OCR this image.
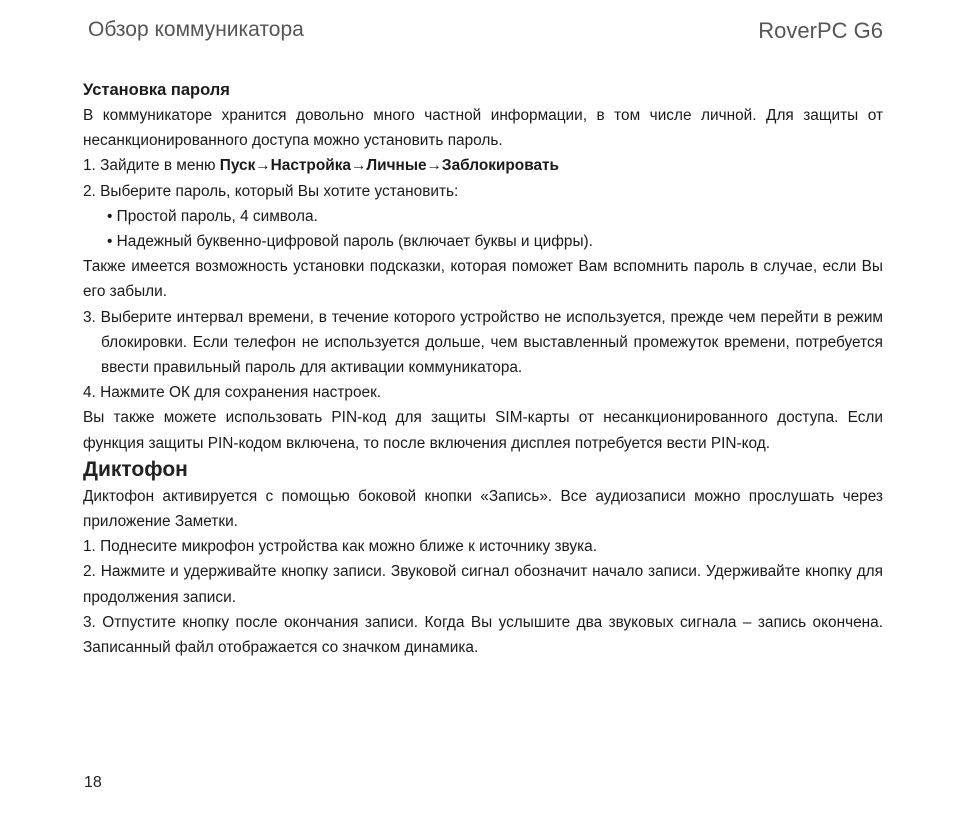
Обзор коммуникатора	RoverPC G6

Установка пароля

В коммуникаторе хранится довольно много частной информации, в том числе личной. Для защиты от несанкционированного доступа можно установить пароль.

1. Зайдите в меню Пуск→Настройка→Личные→Заблокировать

2. Выберите пароль, который Вы хотите установить:

• Простой пароль, 4 символа.

• Надежный буквенно-цифровой пароль (включает буквы и цифры).

Также имеется возможность установки подсказки, которая поможет Вам вспомнить пароль в случае, если Вы его забыли.

3. Выберите интервал времени, в течение которого устройство не используется, прежде чем перейти в режим блокировки. Если телефон не используется дольше, чем выставленный промежуток времени, потребуется ввести правильный пароль для активации коммуникатора.

4. Нажмите ОК для сохранения настроек.

Вы также можете использовать PIN-код для защиты SIM-карты от несанкционированного доступа. Если функция защиты PIN-кодом включена, то после включения дисплея потребуется вести PIN-код.

Диктофон

Диктофон активируется с помощью боковой кнопки «Запись». Все аудиозаписи можно прослушать через приложение Заметки.

1. Поднесите микрофон устройства как можно ближе к источнику звука.

2. Нажмите и удерживайте кнопку записи. Звуковой сигнал обозначит начало записи. Удерживайте кнопку для продолжения записи.

3. Отпустите кнопку после окончания записи. Когда Вы услышите два звуковых сигнала – запись окончена. Записанный файл отображается со значком динамика.

18
